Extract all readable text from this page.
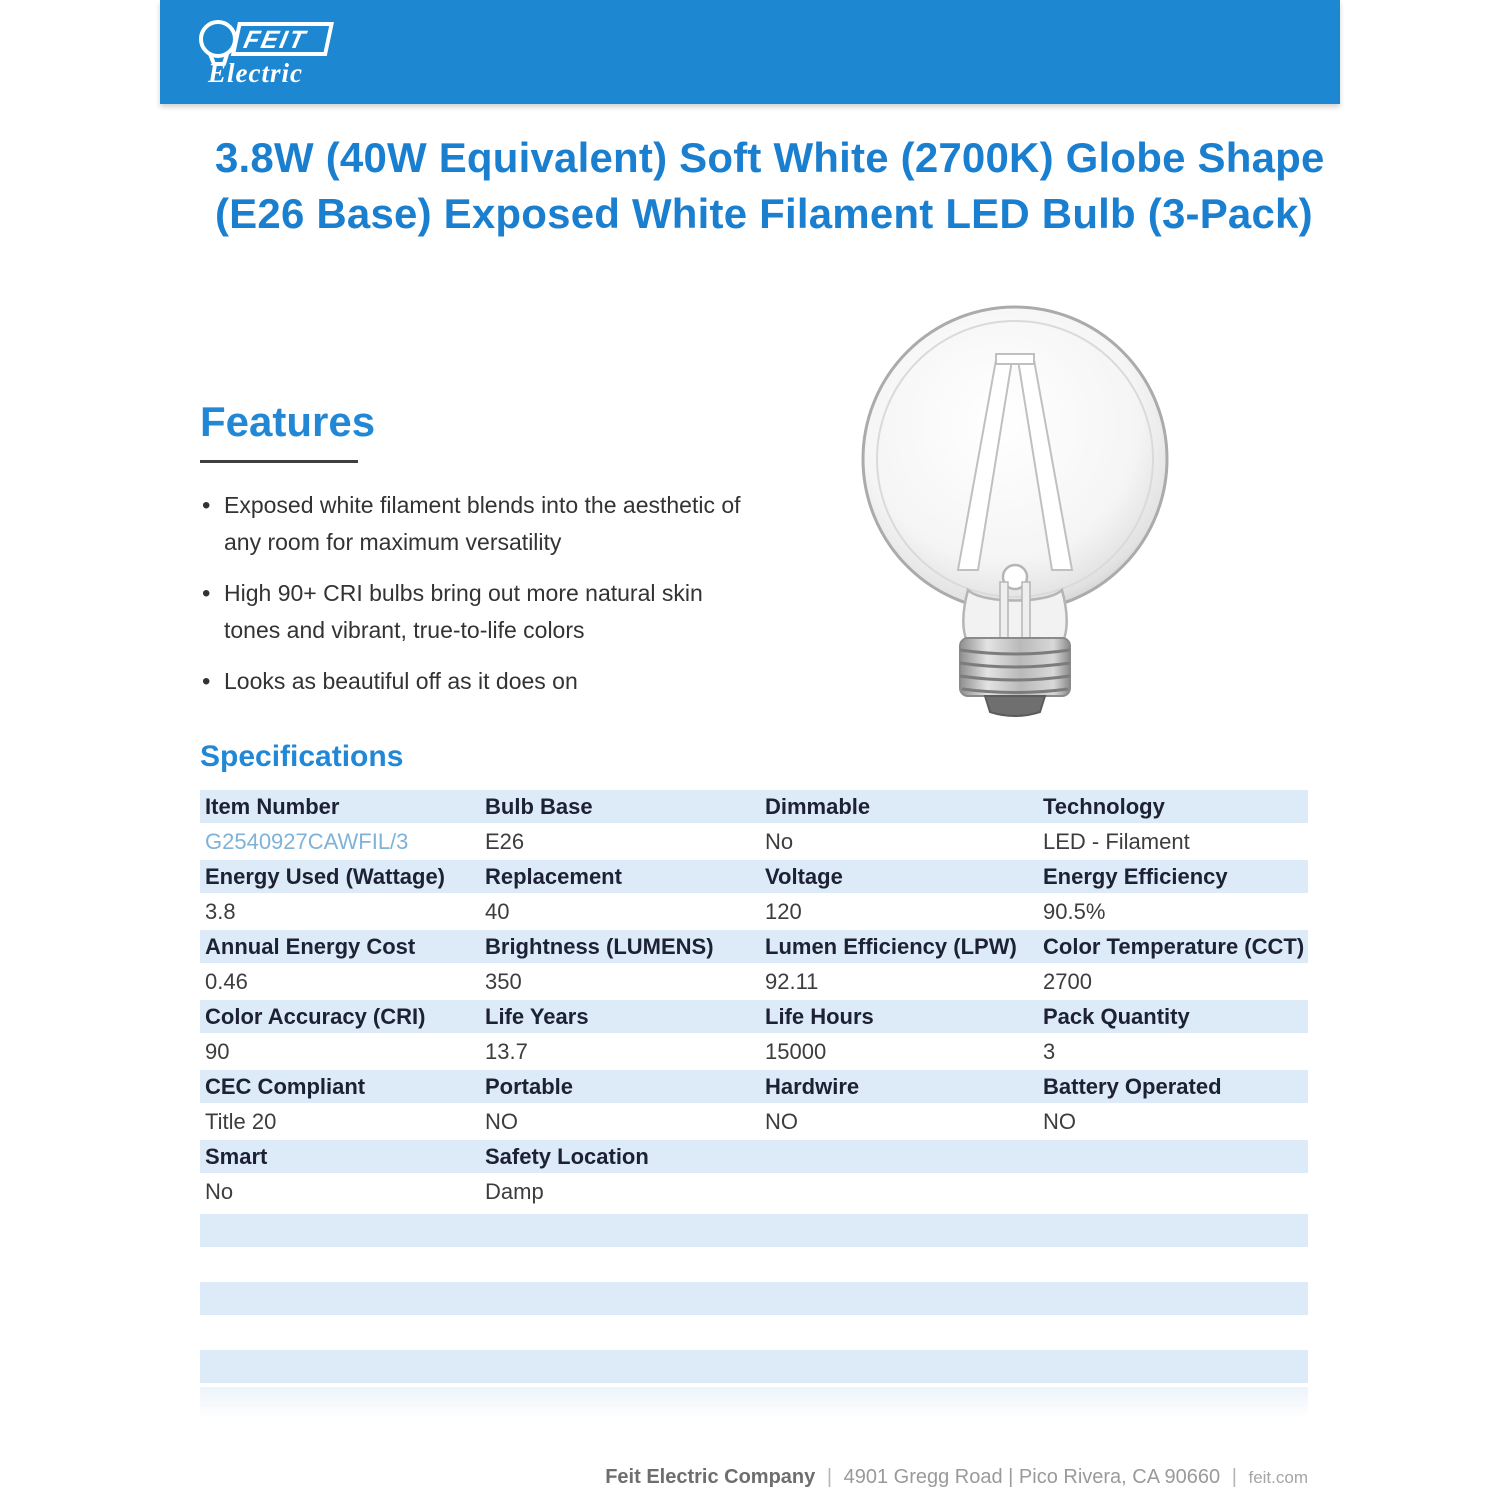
FEIT
Electric
3.8W (40W Equivalent) Soft White (2700K) Globe Shape
(E26 Base) Exposed White Filament LED Bulb (3-Pack)
Features
• Exposed white filament blends into the aesthetic of any room for maximum versatility
• High 90+ CRI bulbs bring out more natural skin tones and vibrant, true-to-life colors
• Looks as beautiful off as it does on
Specifications
Item Number	Bulb Base	Dimmable	Technology
G2540927CAWFIL/3	E26	No	LED - Filament
Energy Used (Wattage)	Replacement	Voltage	Energy Efficiency
3.8	40	120	90.5%
Annual Energy Cost	Brightness (LUMENS)	Lumen Efficiency (LPW)	Color Temperature (CCT)
0.46	350	92.11	2700
Color Accuracy (CRI)	Life Years	Life Hours	Pack Quantity
90	13.7	15000	3
CEC Compliant	Portable	Hardwire	Battery Operated
Title 20	NO	NO	NO
Smart	Safety Location
No	Damp
Feit Electric Company | 4901 Gregg Road | Pico Rivera, CA 90660 | feit.com
